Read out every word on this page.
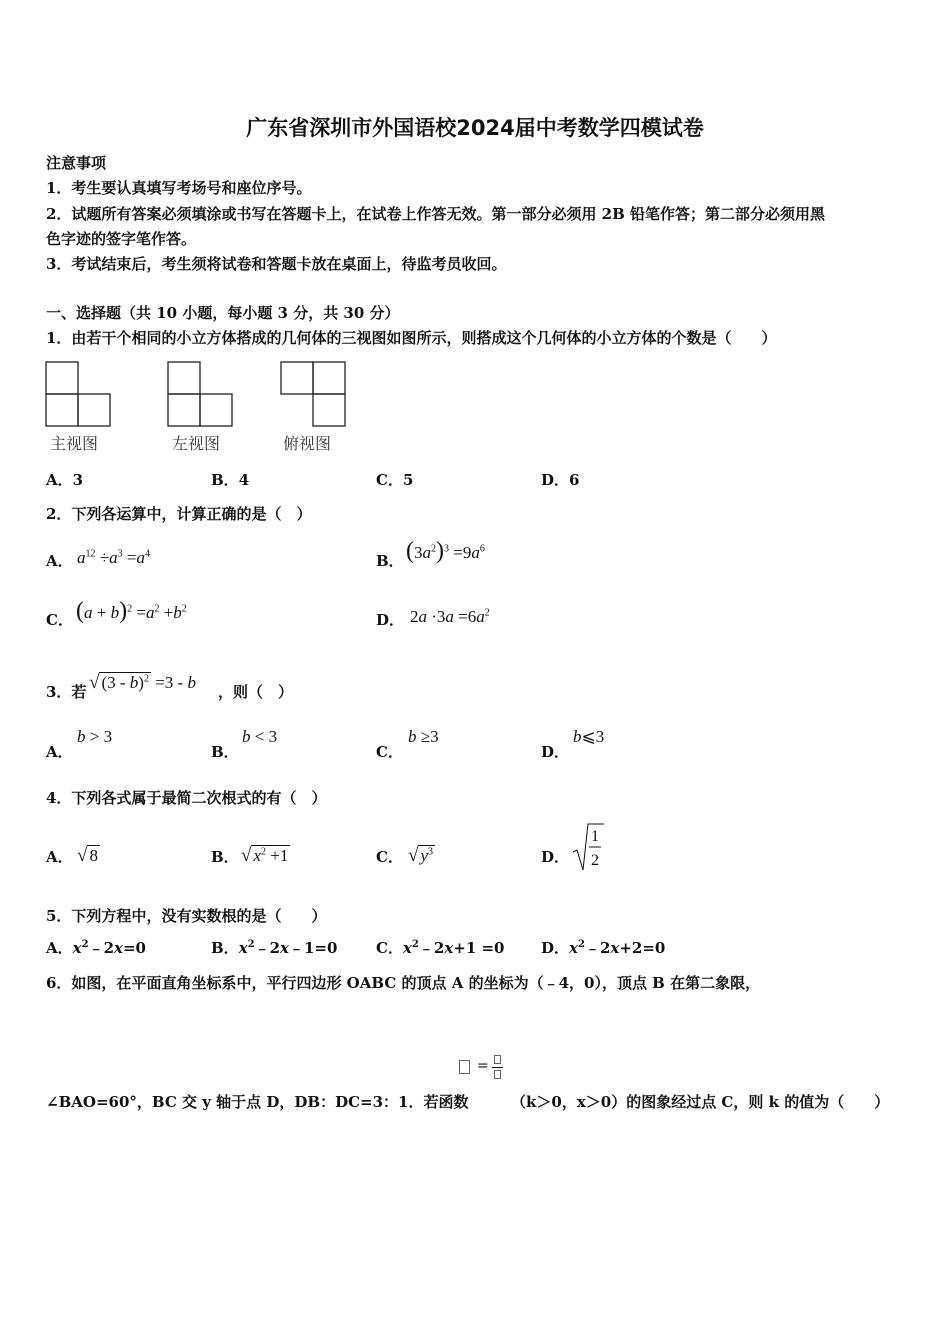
广东省深圳市外国语校2024届中考数学四模试卷
注意事项
1．考生要认真填写考场号和座位序号。
2．试题所有答案必须填涂或书写在答题卡上，在试卷上作答无效。第一部分必须用 2B 铅笔作答；第二部分必须用黑
色字迹的签字笔作答。
3．考试结束后，考生须将试卷和答题卡放在桌面上，待监考员收回。
一、选择题（共 10 小题，每小题 3 分，共 30 分）
1．由若干个相同的小立方体搭成的几何体的三视图如图所示，则搭成这个几何体的小立方体的个数是（　　）
主视图	左视图	俯视图
A．3	B．4	C．5	D．6
2．下列各运算中，计算正确的是（　）
A． $a^{12} \div a^3 =a^4$	B． $(3a^2)^3 =9a^6$
C． $(a + b)^2 =a^2 +b^2$
D． $2a \cdot 3a =6a^2$
3．若 √ (3 - b)$^2$ =3 - b ，则（　）
A．
b > 3
B．
b < 3
C．
b ≥3
D．
b⩽3
4．下列各式属于最简二次根式的有（　）
A． √ 8	B． √ $x^2 +1$	C． √ $y^3$	D．
1
2
5．下列方程中，没有实数根的是（　　）
A．$x^2﹣2x=0$	B．$x^2﹣2x﹣1=0$	C．$x^2﹣2x+1 =0$ D．$x^2﹣2x+2=0$
6．如图，在平面直角坐标系中，平行四边形 OABC 的顶点 A 的坐标为（﹣4，0），顶点 B 在第二象限，
=
∠BAO=60°，BC 交 y 轴于点 D，DB：DC=3：1．若函数	（k＞0，x＞0）的图象经过点 C，则 k 的值为（　　）
